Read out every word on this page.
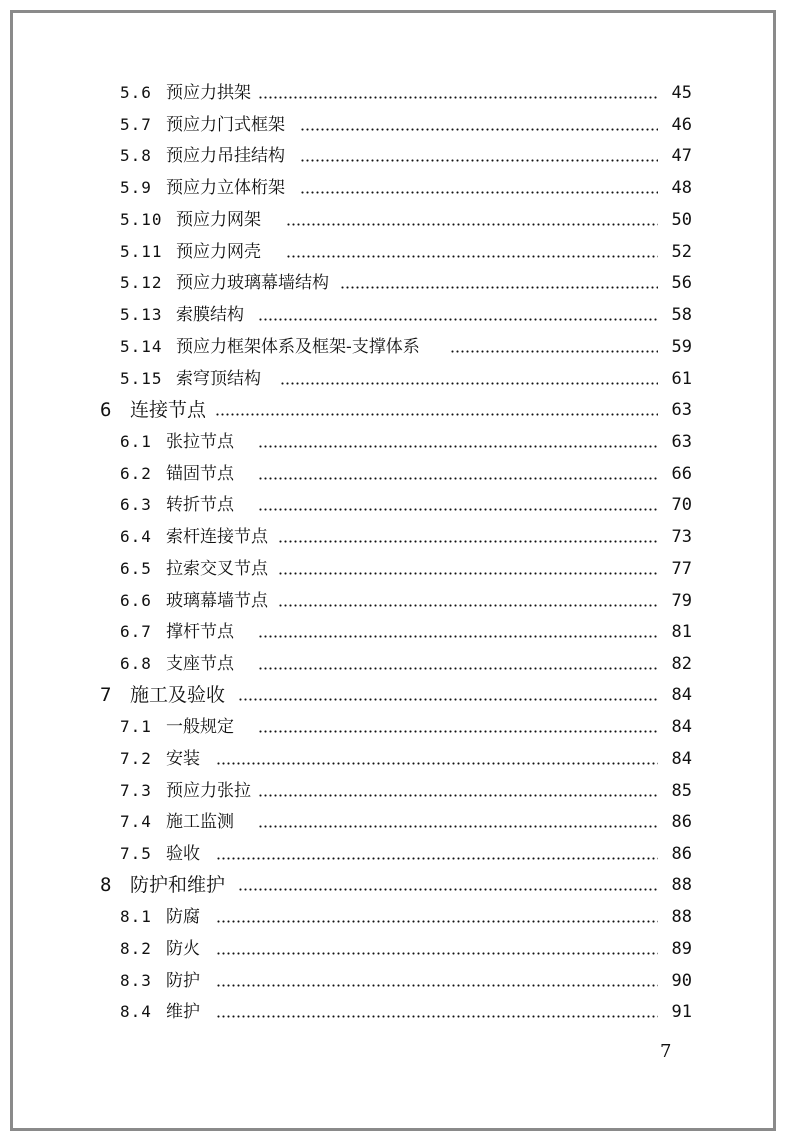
5.6 预应力拱架	45
5.7 预应力门式框架	46
5.8 预应力吊挂结构	47
5.9 预应力立体桁架	48
5.10 预应力网架	50
5.11 预应力网壳	52
5.12 预应力玻璃幕墙结构	56
5.13 索膜结构	58
5.14 预应力框架体系及框架-支撑体系	59
5.15 索穹顶结构	61
6 连接节点	63
6.1 张拉节点	63
6.2 锚固节点	66
6.3 转折节点	70
6.4 索杆连接节点	73
6.5 拉索交叉节点	77
6.6 玻璃幕墙节点	79
6.7 撑杆节点	81
6.8 支座节点	82
7 施工及验收	84
7.1 一般规定	84
7.2 安装	84
7.3 预应力张拉	85
7.4 施工监测	86
7.5 验收	86
8 防护和维护	88
8.1 防腐	88
8.2 防火	89
8.3 防护	90
8.4 维护	91
7
